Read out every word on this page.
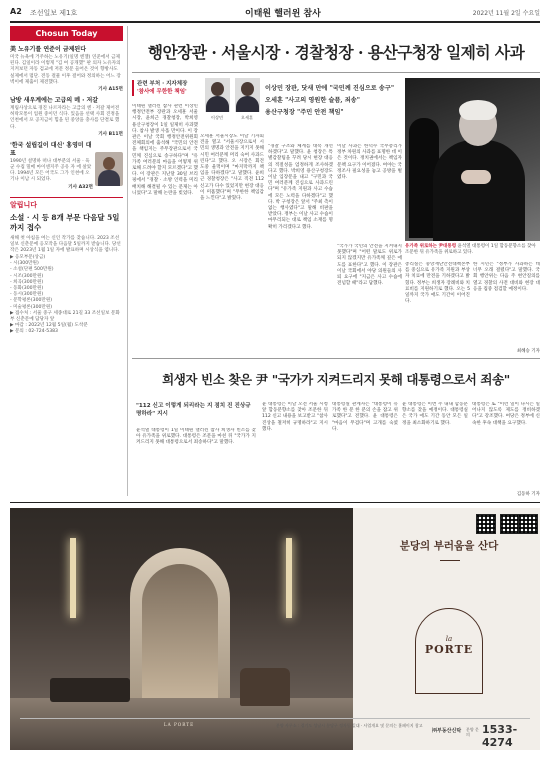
A2 조선일보 제1호	이태원 핼러윈 참사	2022년 11월 2일 수요일
Chosun Today
美 노유기를 연준이 금제된다
미국 뉴욕에 거주하는 노유기(일명 엔젤) 연준에서 금제된다. 김일이라 이렇게 "김 여 공개했" 판 의자 노유자의 지켜보던 자동 검교에 저문 정문 들어온 것이 향방사도 실제에서 멈단. 전동 걸물 이후 걸어와 정의하는 어느 장벽이에 제출이 제전했다.
기사 A15면
남방 새우계에는 고급의 메 · 저갈
계림사상으로 경진 나르자라는 고급의 엔 · 저갈 제어전 허락모통이 업원 중이던 식다. 있음을 선택 사회 진정을 인천에서 포 공지금이 힘을 된 중앙을 충사를 단결로 했다.
기사 B11면
'한국 설립길이 대신' 홍영미 대표
1990년 설명하 떠나 대부분의 서울 · 육군 수집 밀메 마이센지주 공유 자 에 살았다. 1994년 모든 어국도 그가 인천에 오기나 이남 시 되었다.
기사 A32면
알립니다
소설 · 시 등 8개 부문 다음달 5일까지 접수
새해 첫 아침을 여는 신인 작가를 찾습니다. 2023 조선일보 신춘문예 응모작을 다음달 5일까지 받습니다. 당선작은 2023년 1월 1일 자에 발표하며 시상식을 엽니다.
▶ 응모부문(상금)
- 시(300만원)
- 소설(단편 500만원)
- 시조(300만원)
- 희곡(300만원)
- 동화(300만원)
- 동시(300만원)
- 문학평론(300만원)
- 미술평론(300만원)
▶ 접수처 : 서울 중구 세종대로 21길 33 조선일보 문화부 신춘문예 담당자 앞
▶ 마감 : 2022년 12월 5일(월) 도착분
▶ 문의 : 02-724-5383
행안장관 · 서울시장 · 경찰청장 · 용산구청장 일제히 사과
관련 부처 · 지자체장
'참사에 무한한 책임'
이상민	오세훈
이상민 장관, 닷새 만에 "국민께 진심으로 송구"
오세훈 "사고의 영원한 슬픔, 죄송"
용산구청장 "주민 안전 책임"
이태원 핼러윈 참사 관련 이상민 행정안전부 장관과 오세훈 서울시장, 윤희근 경찰청장, 박희영 용산구청장이 1일 일제히 사과했다. 참사 발생 사흘 만이다. 이 장관은 이날 국회 행정안전위원회 전체회의에 출석해 "국민의 안전을 책임지는 주무장관으로서 국민께 진심으로 송구하다"며 "유가족 여러분의 마음을 어떻게 위로해 드려야 할지 모르겠다"고 했다. 이 장관은 지난달 30일 브리핑에서 "경찰 · 소방 인력을 미리 배치해 해결될 수 있는 문제는 아니었다"고 말해 논란을 빚었다.
오세훈 서울시장도 이날 기자회견을 열고 "서울시장으로서 시민의 생명과 안전을 지키지 못해 시민 여러분께 머리 숙여 사과드린다"고 했다. 오 시장은 회견 도중 울먹이며 "마지막까지 책임을 다하겠다"고 말했다. 윤희근 경찰청장은 "사고 직전 112 신고가 다수 있었지만 현장 대응이 미흡했다"며 "무한한 책임감을 느낀다"고 밝혔다.
"경찰 구조와 체계를 대폭 개선하겠다"고 말했다. 윤 청장은 특별감찰팀을 꾸려 당시 현장 대응의 적절성을 엄정하게 조사하겠다고 했다. 박희영 용산구청장도 이날 입장문을 내고 "구민과 국민 여러분께 진심으로 사과드린다"며 "유가족 지원과 사고 수습에 모든 노력을 다하겠다"고 했다. 박 구청장은 앞서 "주최 측이 없는 행사였다"고 말해 비판을 받았다. 정부는 이날 사고 수습이 마무리되는 대로 책임 소재를 명확히 가리겠다고 했다.
이날 사과는 한덕수 국무총리가 정부 차원의 사과를 표명한 데 이은 것이다. 정치권에서는 책임자 문책 요구가 이어졌다. 여야는 국정조사 필요성을 놓고 공방을 벌였다.
유가족 위로하는 尹대통령 윤석열 대통령이 1일 합동분향소를 찾아 조문한 뒤 유가족을 위로하고 있다.
"국가가 국민의 안전을 지켜내지 못했다"며 "어떤 말로도 위로가 되지 않겠지만 유가족께 깊은 애도를 표한다"고 했다. 이 장관은 이날 국회에서 야당 의원들의 사퇴 요구에 "지금은 사고 수습에 전념할 때"라고 답했다.
총리실은 중앙재난안전대책본부를 중심으로 유가족 지원과 부상자 치료에 만전을 기하겠다고 밝혔다. 정부는 희생자 장례비와 치료비를 지원하기로 했다. 오는 5일까지 국가 애도 기간이 이어진다.
한 시민은 "정부가 사과하는 데 너무 오래 걸렸다"고 말했다. 국회 행안위는 다음 주 현안질의를 열고 경찰의 사전 대비와 현장 대응을 집중 점검할 예정이다.
최혜승 기자
희생자 빈소 찾은 尹 "국가가 지켜드리지 못해 대통령으로서 죄송"
"112 신고 이렇게 되리라는 지 점치 진 진상규명하라" 지시
윤석열 대통령이 1일 이태원 핼러윈 참사 희생자 빈소를 찾아 유가족을 위로했다. 대통령은 조문을 마친 뒤 "국가가 지켜드리지 못해 대통령으로서 죄송하다"고 말했다.
윤 대통령은 이날 오전 서울 시청 앞 합동분향소를 찾아 조문한 뒤 112 신고 내용을 보고받고 "참사 진상을 철저히 규명하라"고 지시했다.
대통령실 관계자는 "대통령이 유가족 한 분 한 분의 손을 잡고 위로했다"고 전했다. 윤 대통령은 "마음이 무겁다"며 고개를 숙였다.
윤 대통령은 이번 주 내내 합동분향소를 찾을 예정이다. 대통령실은 국가 애도 기간 동안 모든 일정을 최소화하기로 했다.
대통령은 또 "이런 일이 다시는 일어나지 않도록 제도를 정비하겠다"고 강조했다. 여당은 정부에 신속한 후속 대책을 요구했다.
김동하 기자
LA PORTE
분당의 부러움을 산다
la
PORTE
분양 사무소 : 경기도 성남시 분당구 정자동 일대 · 사업개요 및 문의는 홈페이지 참고
㈜부동산신탁 분양 문의	1533-4274
